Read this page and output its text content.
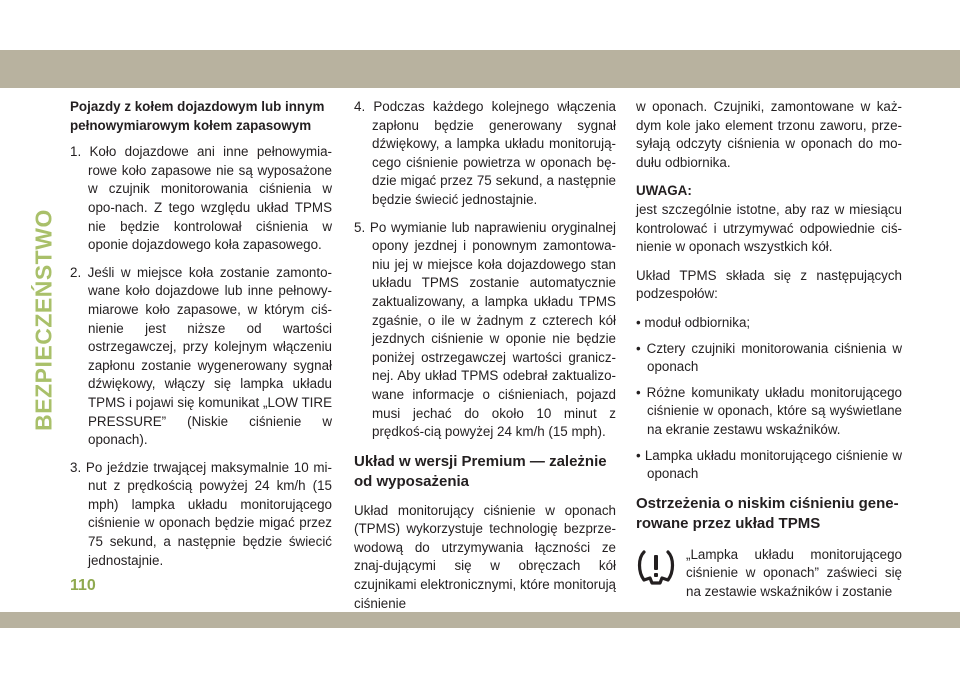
BEZPIECZEŃSTWO

Pojazdy z kołem dojazdowym lub innym pełnowymiarowym kołem zapasowym

1. Koło dojazdowe ani inne pełnowymia-rowe koło zapasowe nie są wyposażone w czujnik monitorowania ciśnienia w opo-nach. Z tego względu układ TPMS nie będzie kontrolował ciśnienia w oponie dojazdowego koła zapasowego.

2. Jeśli w miejsce koła zostanie zamonto-wane koło dojazdowe lub inne pełnowy-miarowe koło zapasowe, w którym ciś-nienie jest niższe od wartości ostrzegawczej, przy kolejnym włączeniu zapłonu zostanie wygenerowany sygnał dźwiękowy, włączy się lampka układu TPMS i pojawi się komunikat „LOW TIRE PRESSURE” (Niskie ciśnienie w oponach).

3. Po jeździe trwającej maksymalnie 10 mi-nut z prędkością powyżej 24 km/h (15 mph) lampka układu monitorującego ciśnienie w oponach będzie migać przez 75 sekund, a następnie będzie świecić jednostajnie.

4. Podczas każdego kolejnego włączenia zapłonu będzie generowany sygnał dźwiękowy, a lampka układu monitorują-cego ciśnienie powietrza w oponach bę-dzie migać przez 75 sekund, a następnie będzie świecić jednostajnie.

5. Po wymianie lub naprawieniu oryginalnej opony jezdnej i ponownym zamontowa-niu jej w miejsce koła dojazdowego stan układu TPMS zostanie automatycznie zaktualizowany, a lampka układu TPMS zgaśnie, o ile w żadnym z czterech kół jezdnych ciśnienie w oponie nie będzie poniżej ostrzegawczej wartości granicz-nej. Aby układ TPMS odebrał zaktualizo-wane informacje o ciśnieniach, pojazd musi jechać do około 10 minut z prędkoś-cią powyżej 24 km/h (15 mph).

Układ w wersji Premium — zależnie od wyposażenia

Układ monitorujący ciśnienie w oponach (TPMS) wykorzystuje technologię bezprze-wodową do utrzymywania łączności ze znaj-dującymi się w obręczach kół czujnikami elektronicznymi, które monitorują ciśnienie

w oponach. Czujniki, zamontowane w każ-dym kole jako element trzonu zaworu, prze-syłają odczyty ciśnienia w oponach do mo-dułu odbiornika.

UWAGA:

jest szczególnie istotne, aby raz w miesiącu kontrolować i utrzymywać odpowiednie ciś-nienie w oponach wszystkich kół.

Układ TPMS składa się z następujących podzespołów:

• moduł odbiornika;

• Cztery czujniki monitorowania ciśnienia w oponach

• Różne komunikaty układu monitorującego ciśnienie w oponach, które są wyświetlane na ekranie zestawu wskaźników.

• Lampka układu monitorującego ciśnienie w oponach

Ostrzeżenia o niskim ciśnieniu gene-rowane przez układ TPMS
„Lampka układu monitorującego ciśnienie w oponach” zaświeci się na zestawie wskaźników i zostanie
110
